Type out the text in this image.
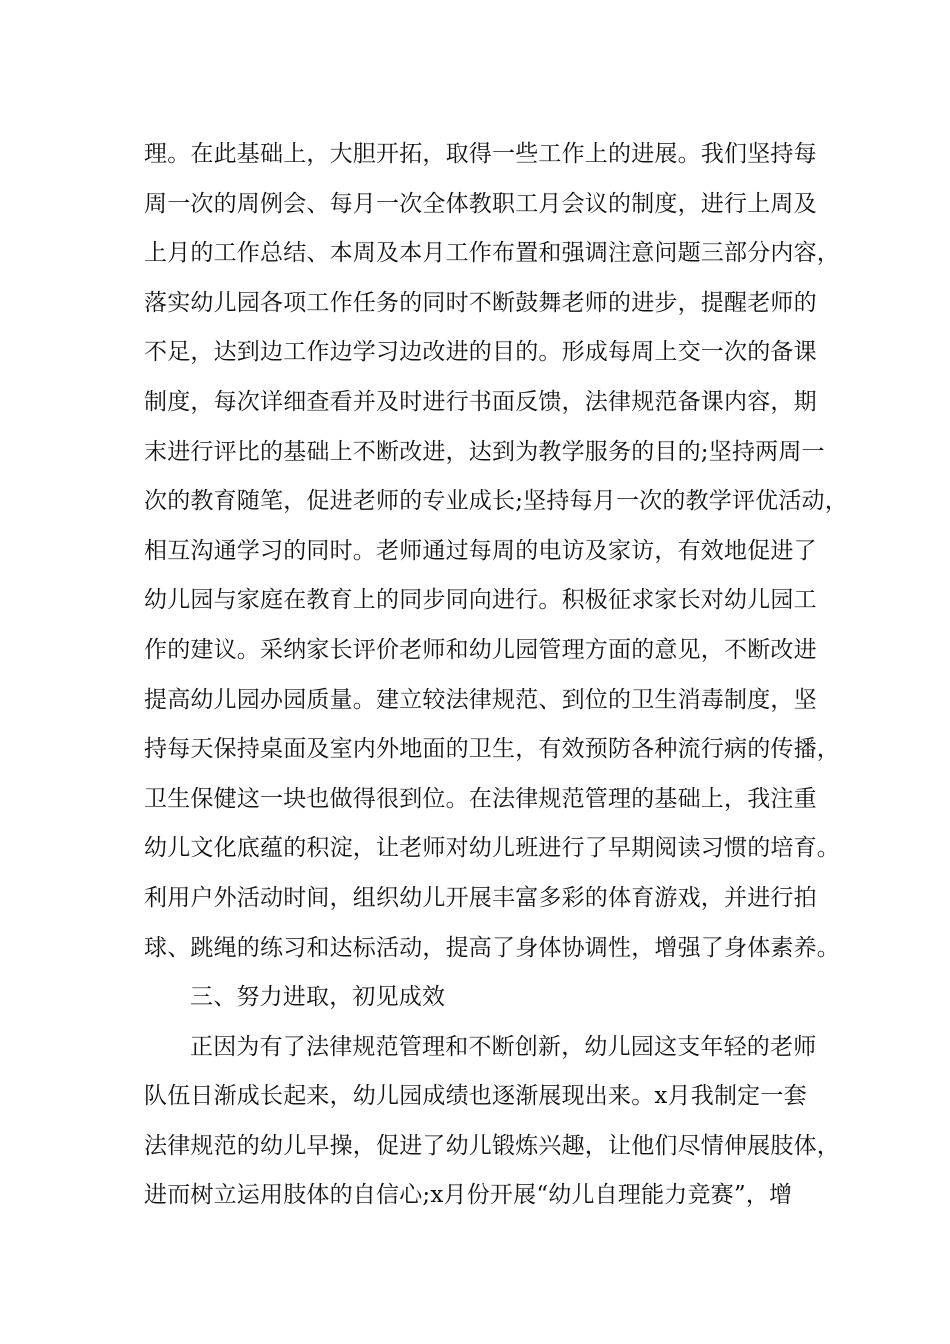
理。在此基础上，大胆开拓，取得一些工作上的进展。我们坚持每
周一次的周例会、每月一次全体教职工月会议的制度，进行上周及
上月的工作总结、本周及本月工作布置和强调注意问题三部分内容，
落实幼儿园各项工作任务的同时不断鼓舞老师的进步，提醒老师的
不足，达到边工作边学习边改进的目的。形成每周上交一次的备课
制度，每次详细查看并及时进行书面反馈，法律规范备课内容，期
末进行评比的基础上不断改进，达到为教学服务的目的;坚持两周一
次的教育随笔，促进老师的专业成长;坚持每月一次的教学评优活动，
相互沟通学习的同时。老师通过每周的电访及家访，有效地促进了
幼儿园与家庭在教育上的同步同向进行。积极征求家长对幼儿园工
作的建议。采纳家长评价老师和幼儿园管理方面的意见，不断改进
提高幼儿园办园质量。建立较法律规范、到位的卫生消毒制度，坚
持每天保持桌面及室内外地面的卫生，有效预防各种流行病的传播，
卫生保健这一块也做得很到位。在法律规范管理的基础上，我注重
幼儿文化底蕴的积淀，让老师对幼儿班进行了早期阅读习惯的培育。
利用户外活动时间，组织幼儿开展丰富多彩的体育游戏，并进行拍
球、跳绳的练习和达标活动，提高了身体协调性，增强了身体素养。
三、努力进取，初见成效
正因为有了法律规范管理和不断创新，幼儿园这支年轻的老师
队伍日渐成长起来，幼儿园成绩也逐渐展现出来。x月我制定一套
法律规范的幼儿早操，促进了幼儿锻炼兴趣，让他们尽情伸展肢体，
进而树立运用肢体的自信心;x月份开展“幼儿自理能力竞赛”，增
